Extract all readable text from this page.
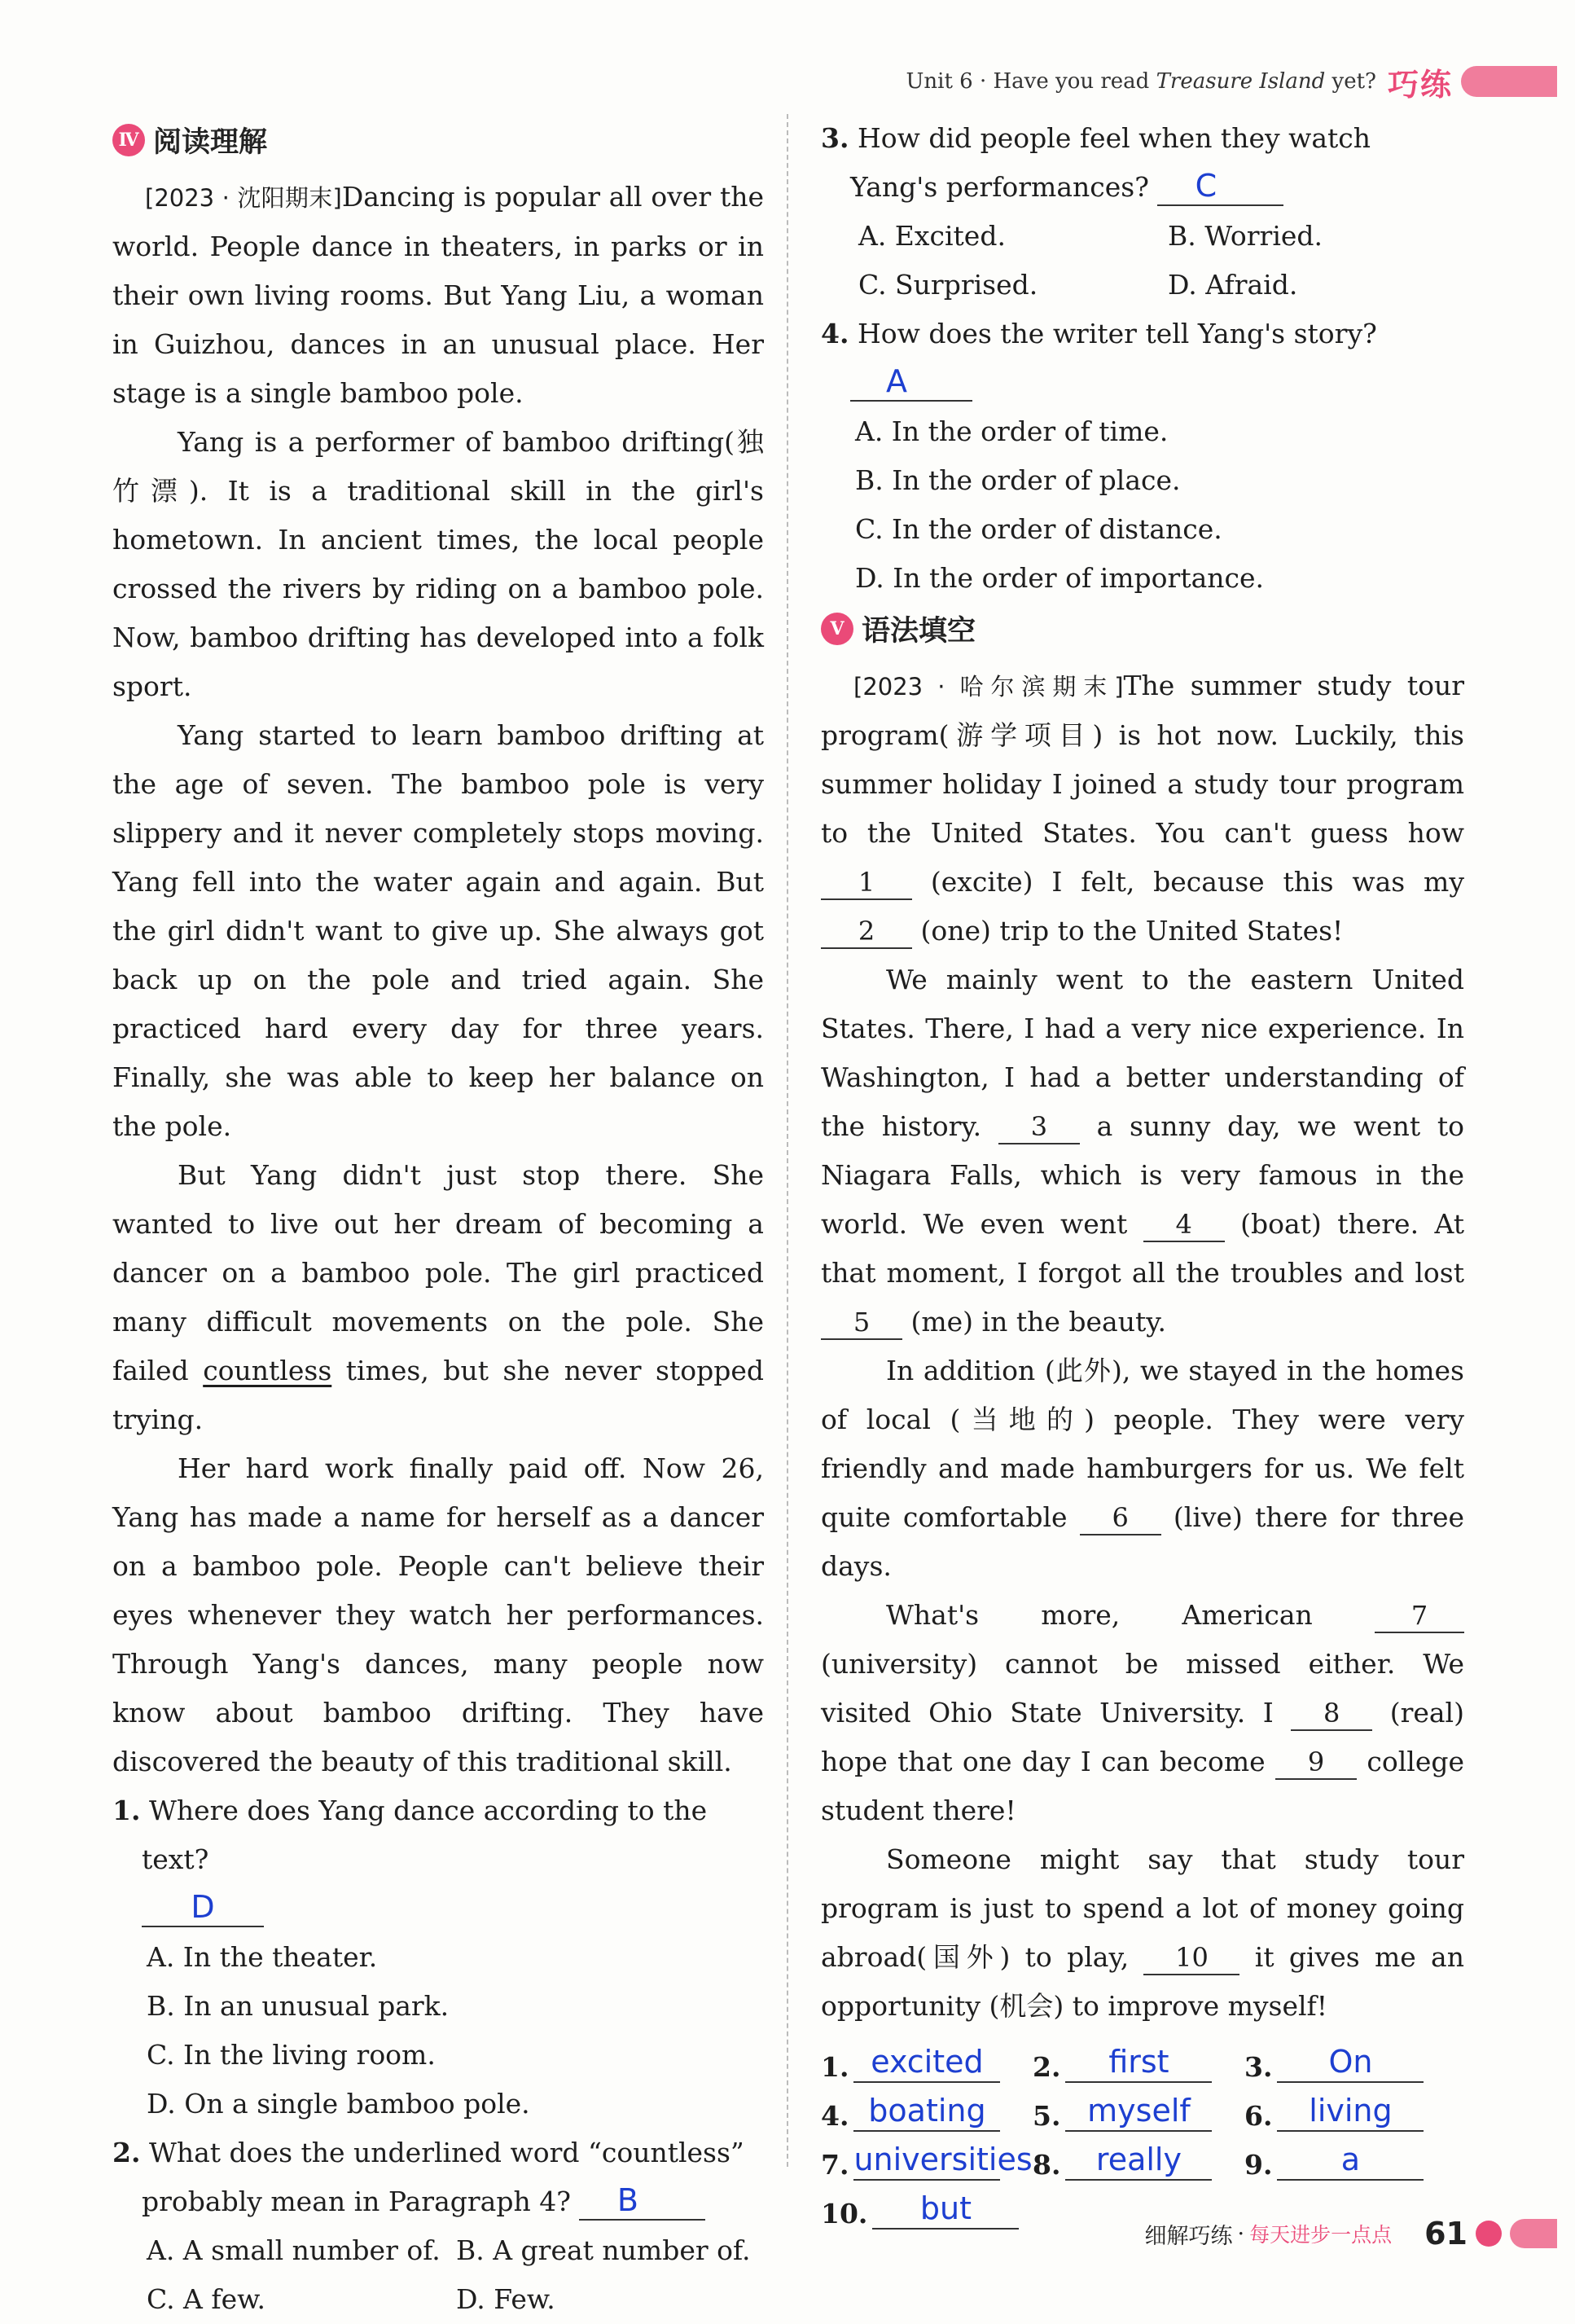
Unit 6 · Have you read Treasure Island yet? 巧练
Ⅳ 阅读理解

[2023 · 沈阳期末]Dancing is popular all over the world. People dance in theaters, in parks or in their own living rooms. But Yang Liu, a woman in Guizhou, dances in an unusual place. Her stage is a single bamboo pole.

Yang is a performer of bamboo drifting(独竹漂). It is a traditional skill in the girl's hometown. In ancient times, the local people crossed the rivers by riding on a bamboo pole. Now, bamboo drifting has developed into a folk sport.

Yang started to learn bamboo drifting at the age of seven. The bamboo pole is very slippery and it never completely stops moving. Yang fell into the water again and again. But the girl didn't want to give up. She always got back up on the pole and tried again. She practiced hard every day for three years. Finally, she was able to keep her balance on the pole.

But Yang didn't just stop there. She wanted to live out her dream of becoming a dancer on a bamboo pole. The girl practiced many difficult movements on the pole. She failed countless times, but she never stopped trying.

Her hard work finally paid off. Now 26, Yang has made a name for herself as a dancer on a bamboo pole. People can't believe their eyes whenever they watch her performances. Through Yang's dances, many people now know about bamboo drifting. They have discovered the beauty of this traditional skill.

1. Where does Yang dance according to the text?

D

A. In the theater.

B. In an unusual park.

C. In the living room.

D. On a single bamboo pole.

2. What does the underlined word “countless” probably mean in Paragraph 4? B

A. A small number of. B. A great number of.
C. A few.	D. Few.

3. How did people feel when they watch Yang's performances? C

A. Excited.	B. Worried.
C. Surprised.	D. Afraid.

4. How does the writer tell Yang's story? A

A. In the order of time.

B. In the order of place.

C. In the order of distance.

D. In the order of importance.

Ⅴ 语法填空

[2023 · 哈尔滨期末]The summer study tour program(游学项目) is hot now. Luckily, this summer holiday I joined a study tour program to the United States. You can't guess how 1 (excite) I felt, because this was my 2 (one) trip to the United States!

We mainly went to the eastern United States. There, I had a very nice experience. In Washington, I had a better understanding of the history. 3 a sunny day, we went to Niagara Falls, which is very famous in the world. We even went 4 (boat) there. At that moment, I forgot all the troubles and lost 5 (me) in the beauty.

In addition (此外), we stayed in the homes of local (当地的) people. They were very friendly and made hamburgers for us. We felt quite comfortable 6 (live) there for three days.

What's more, American 7 (university) cannot be missed either. We visited Ohio State University. I 8 (real) hope that one day I can become 9 college student there!

Someone might say that study tour program is just to spend a lot of money going abroad(国外) to play, 10 it gives me an opportunity (机会) to improve myself!

1. excited	2.	first	3.	On
4. boating	5. myself	6.	living
7. universities 8.	really	9.	a
10.	but
细解巧练 · 每天进步一点点 61
